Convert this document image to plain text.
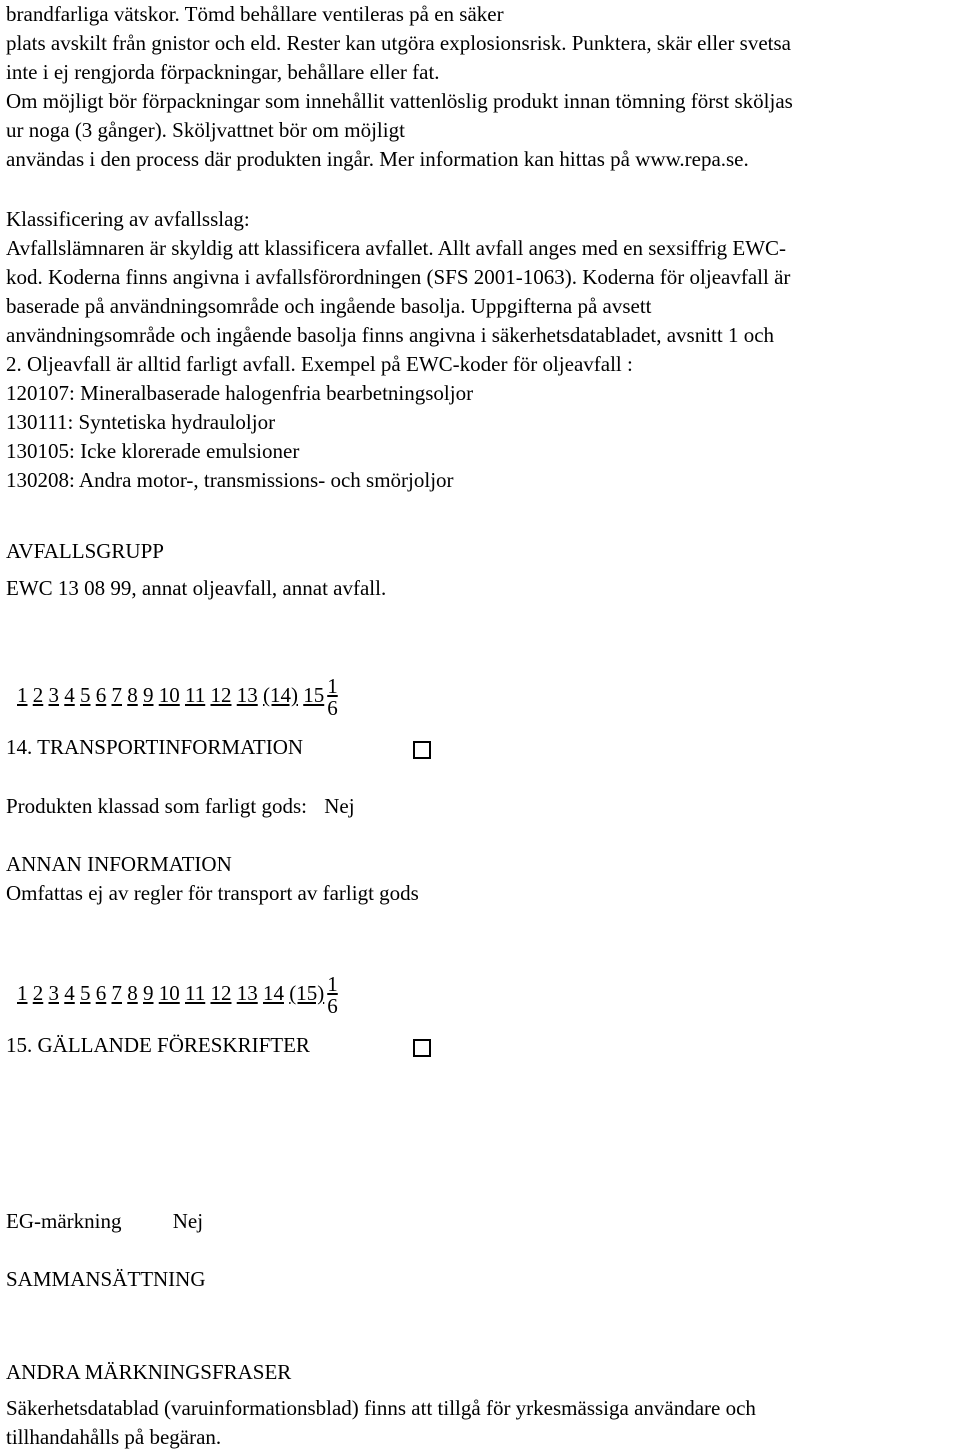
brandfarliga vätskor. Tömd behållare ventileras på en säker
plats avskilt från gnistor och eld. Rester kan utgöra explosionsrisk. Punktera, skär eller svetsa
inte i ej rengjorda förpackningar, behållare eller fat.
Om möjligt bör förpackningar som innehållit vattenlöslig produkt innan tömning först sköljas
ur noga (3 gånger). Sköljvattnet bör om möjligt
användas i den process där produkten ingår. Mer information kan hittas på www.repa.se.
Klassificering av avfallsslag:
Avfallslämnaren är skyldig att klassificera avfallet. Allt avfall anges med en sexsiffrig EWC-
kod. Koderna finns angivna i avfallsförordningen (SFS 2001-1063). Koderna för oljeavfall är
baserade på användningsområde och ingående basolja. Uppgifterna på avsett
användningsområde och ingående basolja finns angivna i säkerhetsdatabladet, avsnitt 1 och
2. Oljeavfall är alltid farligt avfall. Exempel på EWC-koder för oljeavfall :
120107: Mineralbaserade halogenfria bearbetningsoljor
130111: Syntetiska hydrauloljor
130105: Icke klorerade emulsioner
130208: Andra motor-, transmissions- och smörjoljor
AVFALLSGRUPP
EWC 13 08 99, annat oljeavfall, annat avfall.
1 2 3 4 5 6 7 8 9 10 11 12 13 (14) $15 \frac{1}{6}$
14. TRANSPORTINFORMATION
Produkten klassad som farligt gods: Nej
ANNAN INFORMATION
Omfattas ej av regler för transport av farligt gods
1 2 3 4 5 6 7 8 9 10 11 12 13 14 $(15) \frac{1}{6}$
15. GÄLLANDE FÖRESKRIFTER
EG-märkning Nej
SAMMANSÄTTNING
ANDRA MÄRKNINGSFRASER
Säkerhetsdatablad (varuinformationsblad) finns att tillgå för yrkesmässiga användare och
tillhandahålls på begäran.
